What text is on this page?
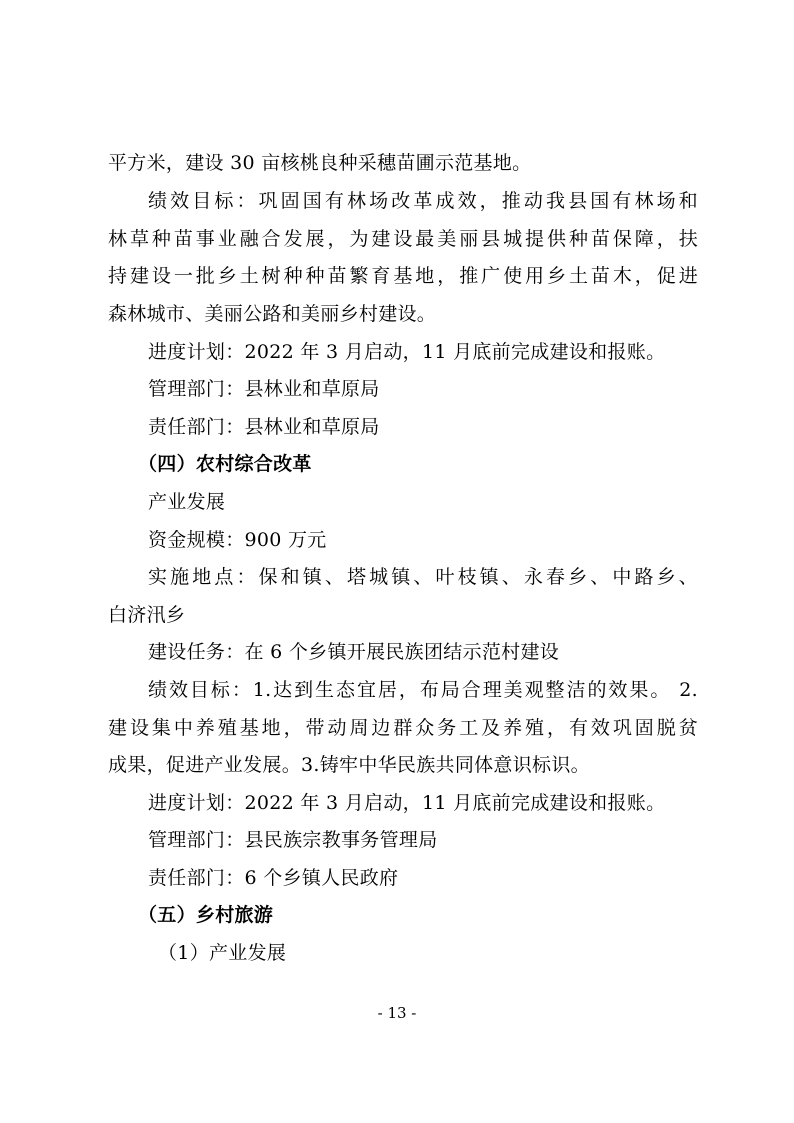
平方米，建设 30 亩核桃良种采穗苗圃示范基地。
绩效目标：巩固国有林场改革成效，推动我县国有林场和
林草种苗事业融合发展，为建设最美丽县城提供种苗保障，扶
持建设一批乡土树种种苗繁育基地，推广使用乡土苗木，促进
森林城市、美丽公路和美丽乡村建设。
进度计划：2022 年 3 月启动，11 月底前完成建设和报账。
管理部门：县林业和草原局
责任部门：县林业和草原局
（四）农村综合改革
产业发展
资金规模：900 万元
实施地点：保和镇、塔城镇、叶枝镇、永春乡、中路乡、
白济汛乡
建设任务：在 6 个乡镇开展民族团结示范村建设
绩效目标：1.达到生态宜居，布局合理美观整洁的效果。 2.
建设集中养殖基地，带动周边群众务工及养殖，有效巩固脱贫
成果，促进产业发展。3.铸牢中华民族共同体意识标识。
进度计划：2022 年 3 月启动，11 月底前完成建设和报账。
管理部门：县民族宗教事务管理局
责任部门：6 个乡镇人民政府
（五）乡村旅游
（1）产业发展
- 13 -
